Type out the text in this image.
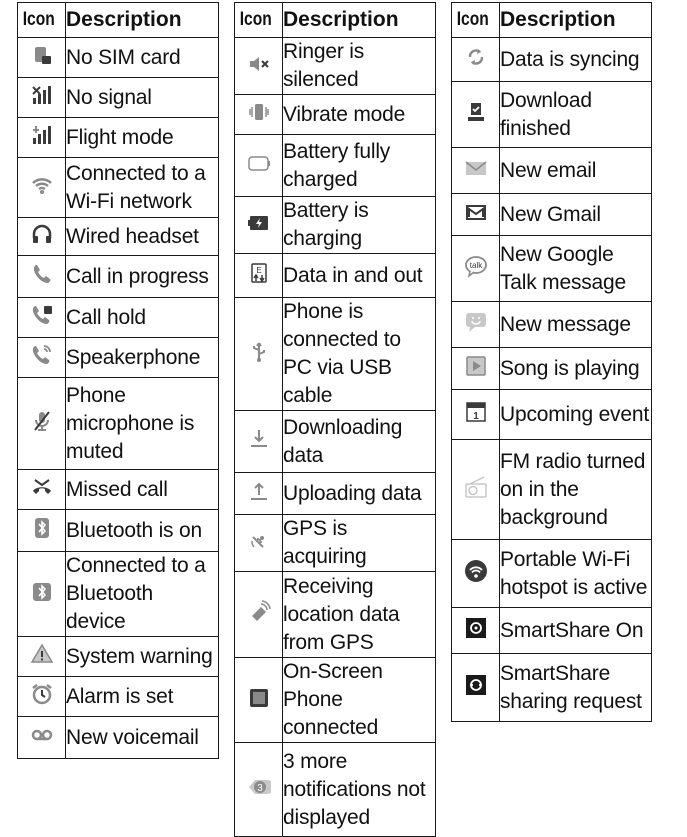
Icon	Description

	No SIM card

	No signal

	Flight mode

	Connected to a Wi-Fi network

	Wired headset

	Call in progress

	Call hold

	Speakerphone

	Phone microphone is muted

	Missed call

	Bluetooth is on

	Connected to a Bluetooth device

	System warning

	Alarm is set

	New voicemail
Icon	Description

	Ringer is silenced

	Vibrate mode

	Battery fully charged

	Battery is charging

E	Data in and out

	Phone is connected to PC via USB cable

	Downloading data

	Uploading data

	GPS is acquiring

	Receiving location data from GPS

	On-Screen Phone connected

3	3 more notifications not displayed
Icon	Description

	Data is syncing

	Download finished

	New email

	New Gmail

talk	New Google Talk message

	New message

	Song is playing

1	Upcoming event

	FM radio turned on in the background

	Portable Wi-Fi hotspot is active

	SmartShare On

	SmartShare sharing request
